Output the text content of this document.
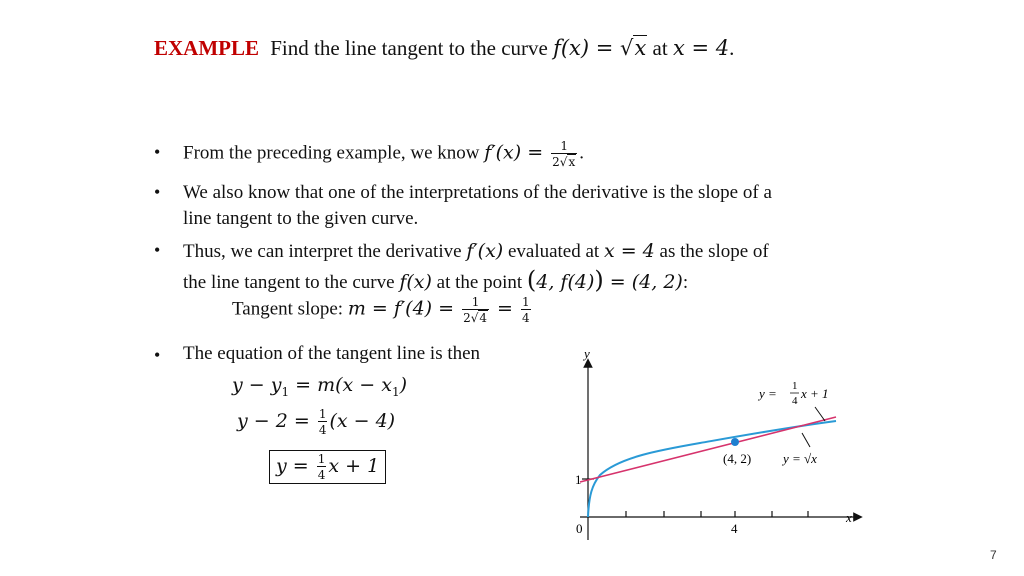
EXAMPLE Find the line tangent to the curve f(x) = √x at x = 4.
• From the preceding example, we know $f'(x) = \frac{1}{2√x}$ .
• We also know that one of the interpretations of the derivative is the slope of a
line tangent to the given curve.
• Thus, we can interpret the derivative f′(x) evaluated at x = 4 as the slope of
the line tangent to the curve f(x) at the point (4, f(4)) = (4, 2):
Tangent slope: $m = f'(4) = \frac{1}{2√4} = \frac{1}{4}$
• The equation of the tangent line is then
$y - y_1 = m(x - x_1)$
$y - 2 = \frac{1}{4} (x - 4)$
$y = \frac{1}{4}$ x + 1
y
x
0
1
4
(4, 2)
y = 1
4 x + 1
y = √x
7
